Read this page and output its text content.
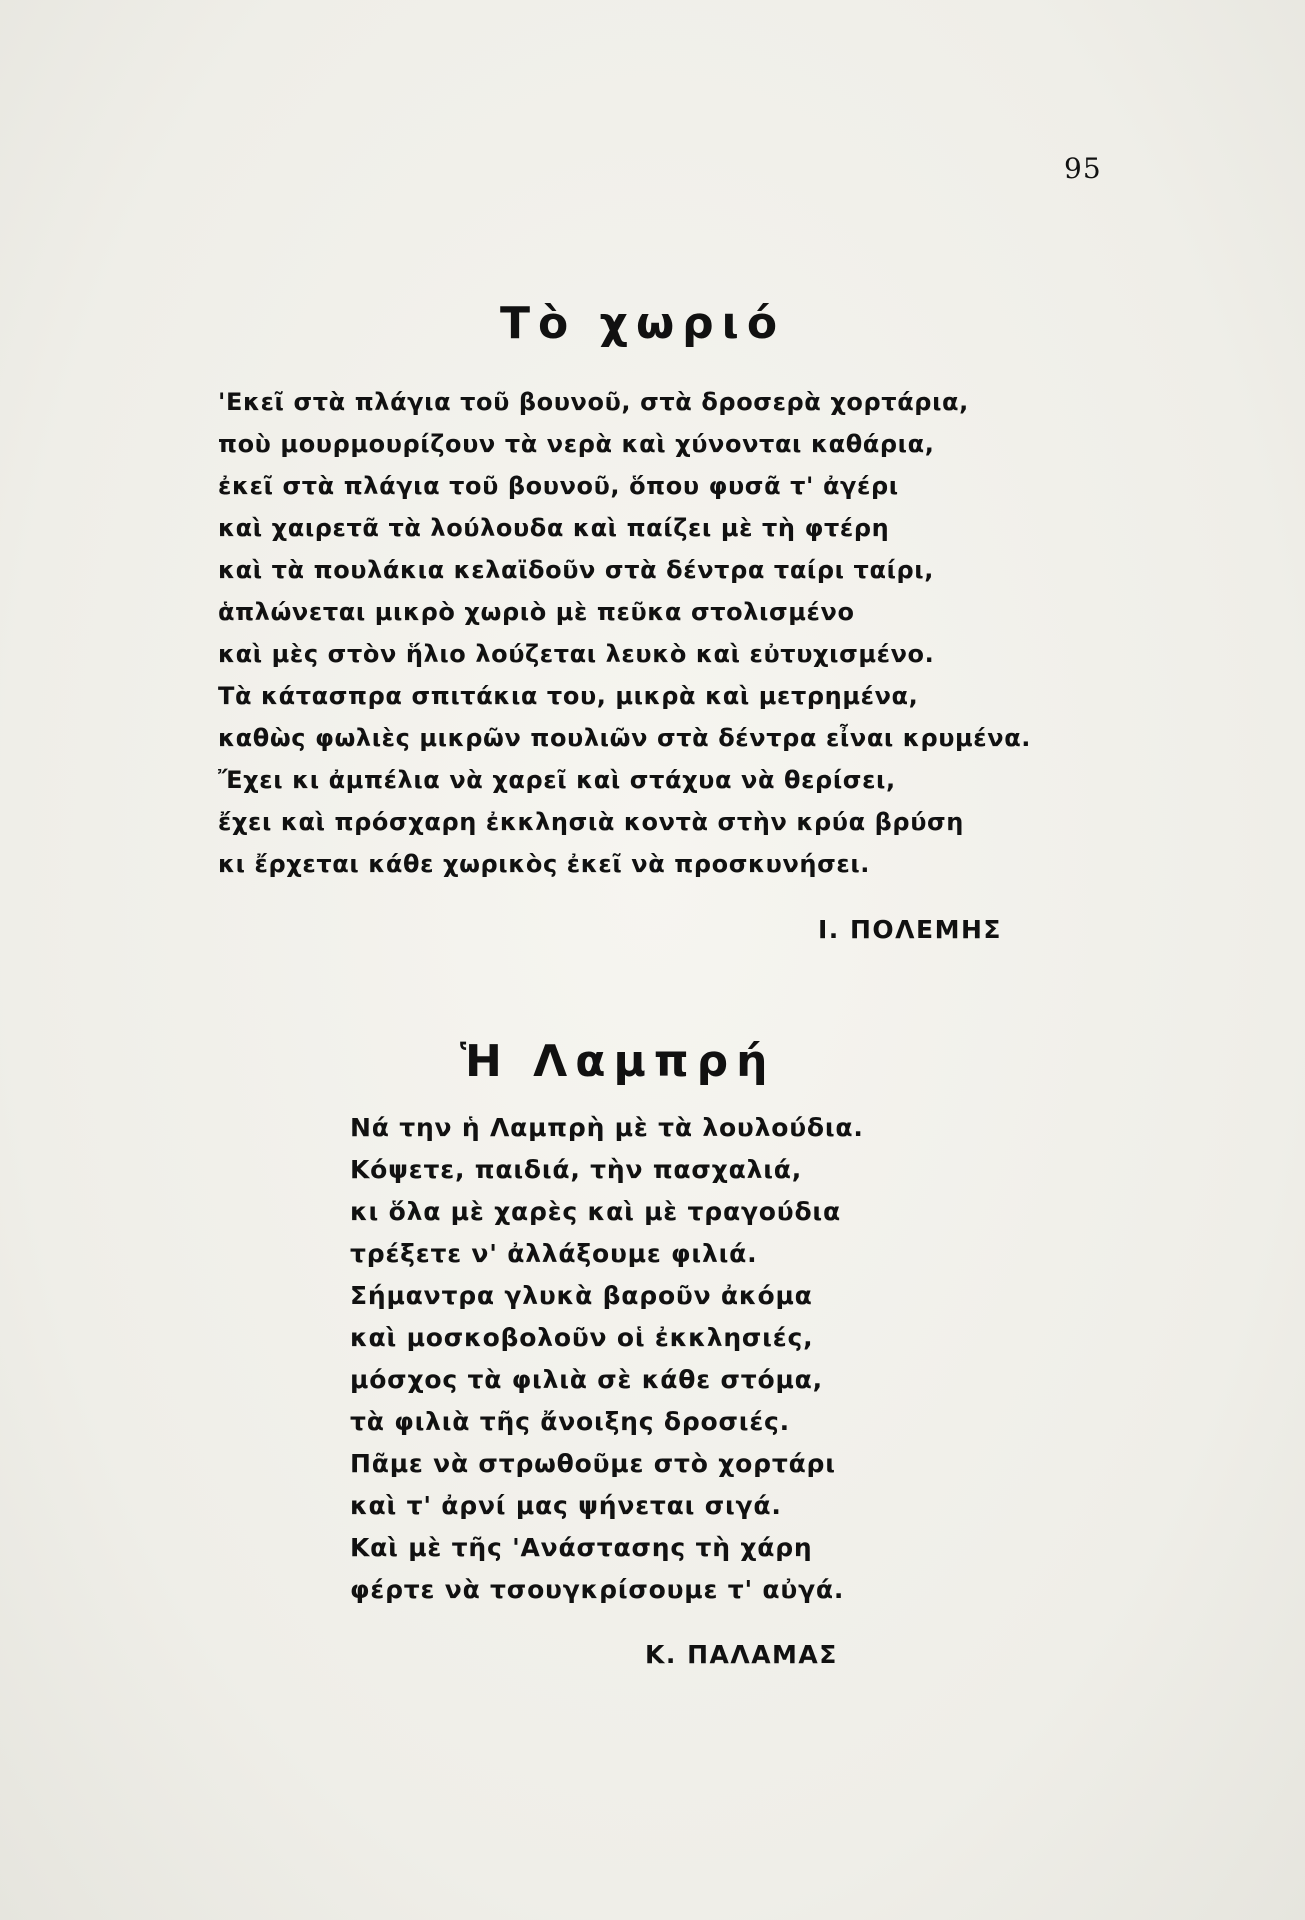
95
Τὸ χωριό
'Εκεῖ στὰ πλάγια τοῦ βουνοῦ, στὰ δροσερὰ χορτάρια,
ποὺ μουρμουρίζουν τὰ νερὰ καὶ χύνονται καθάρια,
ἐκεῖ στὰ πλάγια τοῦ βουνοῦ, ὅπου φυσᾶ τ' ἀγέρι
καὶ χαιρετᾶ τὰ λούλουδα καὶ παίζει μὲ τὴ φτέρη
καὶ τὰ πουλάκια κελαϊδοῦν στὰ δέντρα ταίρι ταίρι,
ἁπλώνεται μικρὸ χωριὸ μὲ πεῦκα στολισμένο
καὶ μὲς στὸν ἥλιο λούζεται λευκὸ καὶ εὐτυχισμένο.
Τὰ κάτασπρα σπιτάκια του, μικρὰ καὶ μετρημένα,
καθὼς φωλιὲς μικρῶν πουλιῶν στὰ δέντρα εἶναι κρυμένα.
Ἔχει κι ἀμπέλια νὰ χαρεῖ καὶ στάχυα νὰ θερίσει,
ἔχει καὶ πρόσχαρη ἐκκλησιὰ κοντὰ στὴν κρύα βρύση
κι ἔρχεται κάθε χωρικὸς ἐκεῖ νὰ προσκυνήσει.
Ι. ΠΟΛΕΜΗΣ
Ἡ Λαμπρή
Νά την ἡ Λαμπρὴ μὲ τὰ λουλούδια.
Κόψετε, παιδιά, τὴν πασχαλιά,
κι ὅλα μὲ χαρὲς καὶ μὲ τραγούδια
τρέξετε ν' ἀλλάξουμε φιλιά.
Σήμαντρα γλυκὰ βαροῦν ἀκόμα
καὶ μοσκοβολοῦν οἱ ἐκκλησιές,
μόσχος τὰ φιλιὰ σὲ κάθε στόμα,
τὰ φιλιὰ τῆς ἄνοιξης δροσιές.
Πᾶμε νὰ στρωθοῦμε στὸ χορτάρι
καὶ τ' ἀρνί μας ψήνεται σιγά.
Καὶ μὲ τῆς 'Ανάστασης τὴ χάρη
φέρτε νὰ τσουγκρίσουμε τ' αὐγά.
Κ. ΠΑΛΑΜΑΣ
